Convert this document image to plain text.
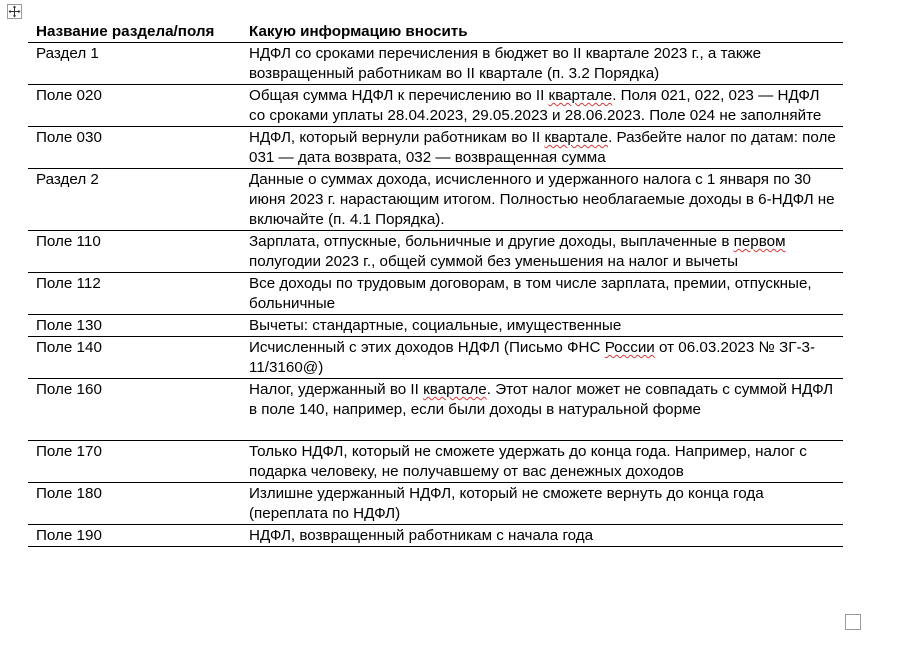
Название раздела/поля	Какую информацию вносить
Раздел 1	НДФЛ со сроками перечисления в бюджет во II квартале 2023 г., а также возвращенный работникам во II квартале (п. 3.2 Порядка)
Поле 020	Общая сумма НДФЛ к перечислению во II квартале. Поля 021, 022, 023 — НДФЛ со сроками уплаты 28.04.2023, 29.05.2023 и 28.06.2023. Поле 024 не заполняйте
Поле 030	НДФЛ, который вернули работникам во II квартале. Разбейте налог по датам: поле 031 — дата возврата, 032 — возвращенная сумма
Раздел 2	Данные о суммах дохода, исчисленного и удержанного налога с 1 января по 30 июня 2023 г. нарастающим итогом. Полностью необлагаемые доходы в 6-НДФЛ не включайте (п. 4.1 Порядка).
Поле 110	Зарплата, отпускные, больничные и другие доходы, выплаченные в первом полугодии 2023 г., общей суммой без уменьшения на налог и вычеты
Поле 112	Все доходы по трудовым договорам, в том числе зарплата, премии, отпускные, больничные
Поле 130	Вычеты: стандартные, социальные, имущественные
Поле 140	Исчисленный с этих доходов НДФЛ (Письмо ФНС России от 06.03.2023 № ЗГ-3-11/3160@)
Поле 160	Налог, удержанный во II квартале. Этот налог может не совпадать с суммой НДФЛ в поле 140, например, если были доходы в натуральной форме
Поле 170	Только НДФЛ, который не сможете удержать до конца года. Например, налог с подарка человеку, не получавшему от вас денежных доходов
Поле 180	Излишне удержанный НДФЛ, который не сможете вернуть до конца года (переплата по НДФЛ)
Поле 190	НДФЛ, возвращенный работникам с начала года
